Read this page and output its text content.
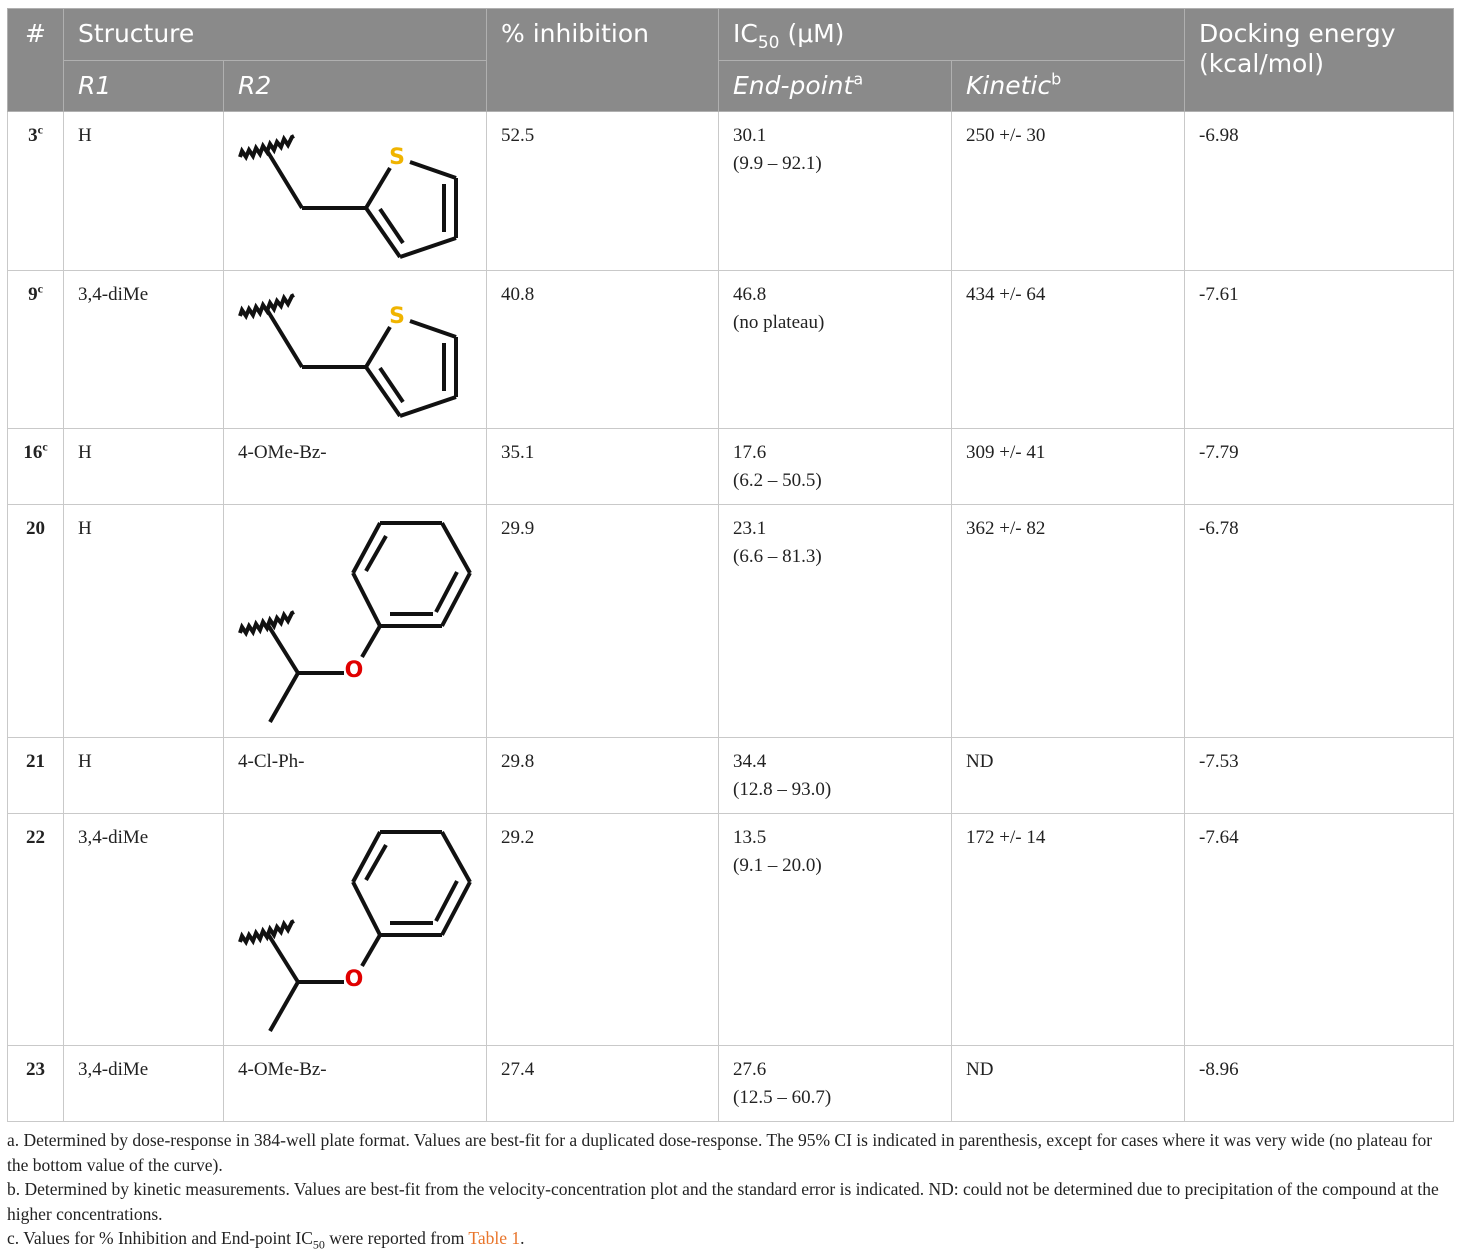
#	Structure		% inhibition	$IC_{50}$ (μM)		Docking energy (kcal/mol)
	R1	R2		End-point$^a$	Kinetic$^b$
3$^c$	H	S	52.5	30.1
(9.9 – 92.1)	250 +/- 30	-6.98
9$^c$	3,4-diMe	S	40.8	46.8
(no plateau)	434 +/- 64	-7.61
16$^c$	H	4-OMe-Bz-	35.1	17.6
(6.2 – 50.5)	309 +/- 41	-7.79
20	H	O	29.9	23.1
(6.6 – 81.3)	362 +/- 82	-6.78
21	H	4-Cl-Ph-	29.8	34.4
(12.8 – 93.0)	ND	-7.53
22	3,4-diMe	O	29.2	13.5
(9.1 – 20.0)	172 +/- 14	-7.64
23	3,4-diMe	4-OMe-Bz-	27.4	27.6
(12.5 – 60.7)	ND	-8.96

a. Determined by dose-response in 384-well plate format. Values are best-fit for a duplicated dose-response. The 95% CI is indicated in parenthesis, except for cases where it was very wide (no plateau for the bottom value of the curve).

b. Determined by kinetic measurements. Values are best-fit from the velocity-concentration plot and the standard error is indicated. ND: could not be determined due to precipitation of the compound at the higher concentrations.

c. Values for % Inhibition and End-point $IC_{50}$ were reported from Table 1.
